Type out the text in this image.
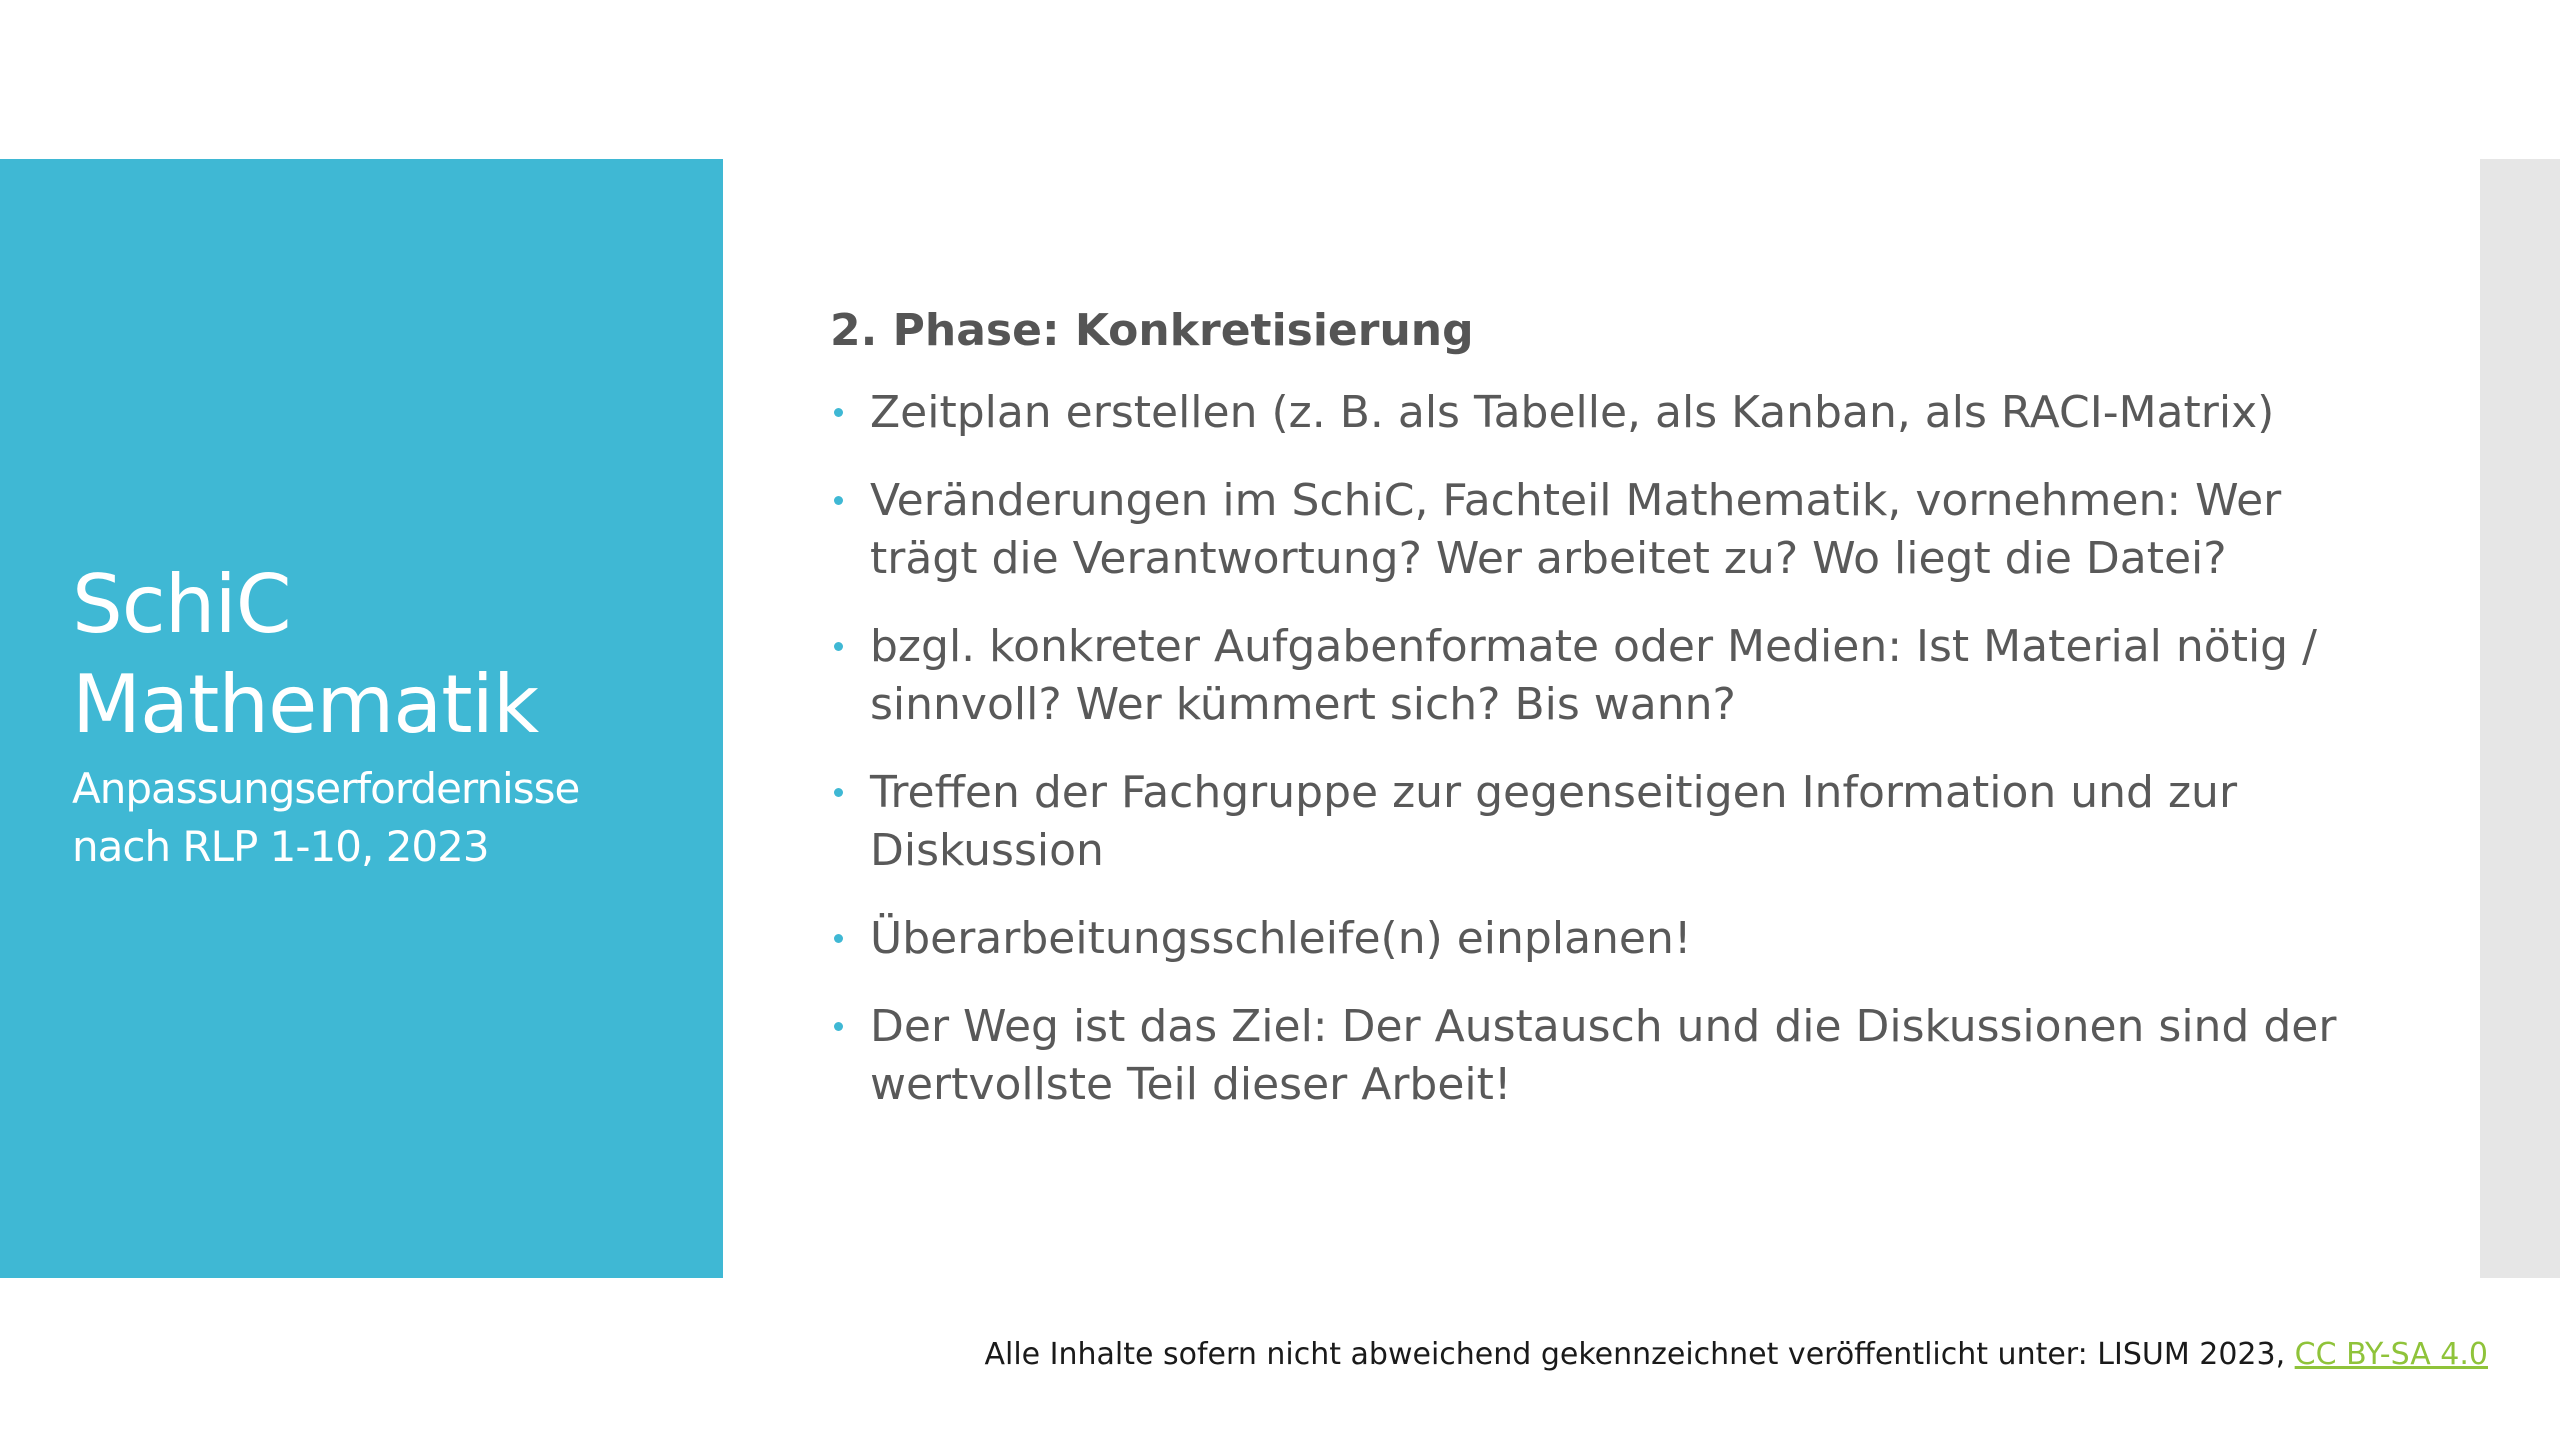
SchiC
Mathematik
Anpassungserfordernisse
nach RLP 1-10, 2023
2. Phase: Konkretisierung
Zeitplan erstellen (z. B. als Tabelle, als Kanban, als RACI-Matrix)
Veränderungen im SchiC, Fachteil Mathematik, vornehmen: Wer
trägt die Verantwortung? Wer arbeitet zu? Wo liegt die Datei?
bzgl. konkreter Aufgabenformate oder Medien: Ist Material nötig /
sinnvoll? Wer kümmert sich? Bis wann?
Treffen der Fachgruppe zur gegenseitigen Information und zur
Diskussion
Überarbeitungsschleife(n) einplanen!
Der Weg ist das Ziel: Der Austausch und die Diskussionen sind der
wertvollste Teil dieser Arbeit!
Alle Inhalte sofern nicht abweichend gekennzeichnet veröffentlicht unter: LISUM 2023, CC BY-SA 4.0
